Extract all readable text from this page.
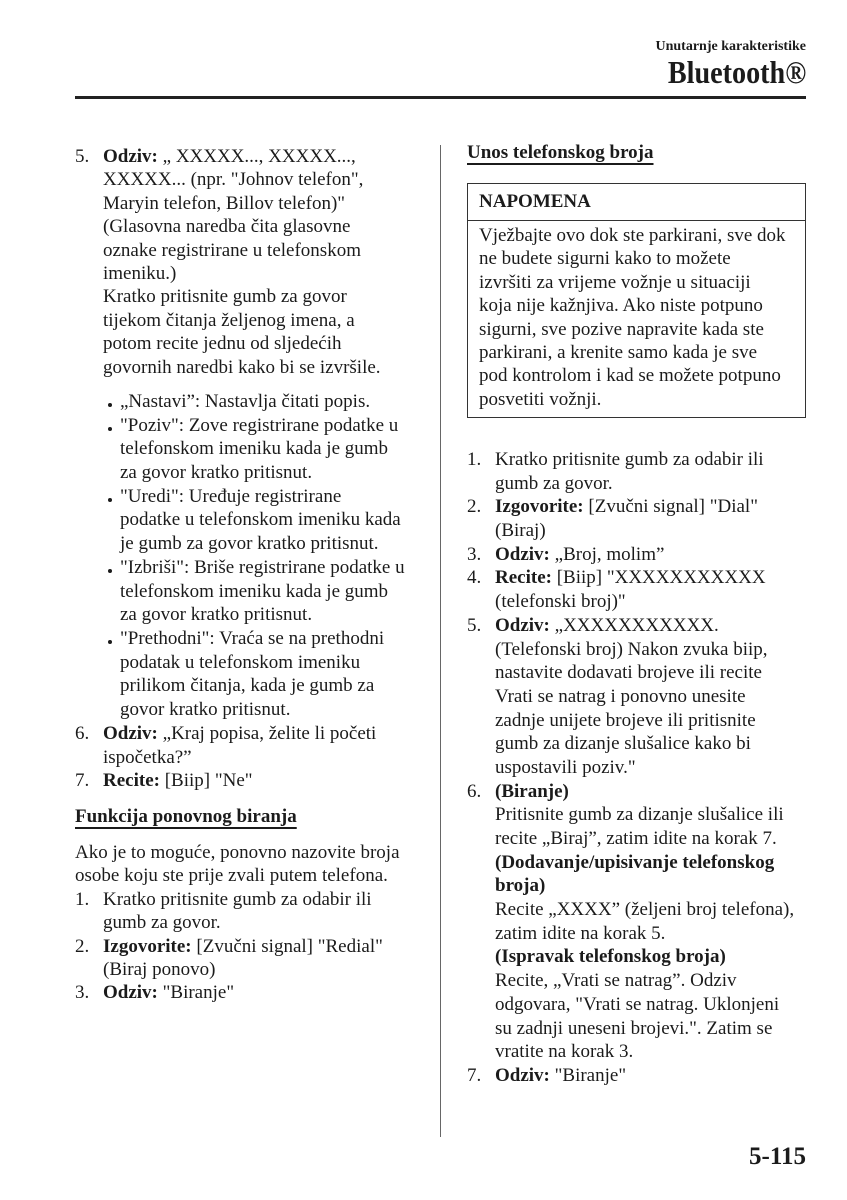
Unutarnje karakteristike
Bluetooth®
5. Odziv: „ XXXXX..., XXXXX...,
XXXXX... (npr. "Johnov telefon",
Maryin telefon, Billov telefon)"
(Glasovna naredba čita glasovne
oznake registrirane u telefonskom
imeniku.)
Kratko pritisnite gumb za govor
tijekom čitanja željenog imena, a
potom recite jednu od sljedećih
govornih naredbi kako bi se izvršile.
„Nastavi”: Nastavlja čitati popis.
"Poziv": Zove registrirane podatke u
telefonskom imeniku kada je gumb
za govor kratko pritisnut.
"Uredi": Uređuje registrirane
podatke u telefonskom imeniku kada
je gumb za govor kratko pritisnut.
"Izbriši": Briše registrirane podatke u
telefonskom imeniku kada je gumb
za govor kratko pritisnut.
"Prethodni": Vraća se na prethodni
podatak u telefonskom imeniku
prilikom čitanja, kada je gumb za
govor kratko pritisnut.
6. Odziv: „Kraj popisa, želite li početi
ispočetka?”
7. Recite: [Biip] "Ne"
Funkcija ponovnog biranja
Ako je to moguće, ponovno nazovite broja
osobe koju ste prije zvali putem telefona.
1. Kratko pritisnite gumb za odabir ili
gumb za govor.
2. Izgovorite: [Zvučni signal] "Redial"
(Biraj ponovo)
3. Odziv: "Biranje"
Unos telefonskog broja
NAPOMENA
Vježbajte ovo dok ste parkirani, sve dok
ne budete sigurni kako to možete
izvršiti za vrijeme vožnje u situaciji
koja nije kažnjiva. Ako niste potpuno
sigurni, sve pozive napravite kada ste
parkirani, a krenite samo kada je sve
pod kontrolom i kad se možete potpuno
posvetiti vožnji.
1. Kratko pritisnite gumb za odabir ili
gumb za govor.
2. Izgovorite: [Zvučni signal] "Dial"
(Biraj)
3. Odziv: „Broj, molim”
4. Recite: [Biip] "XXXXXXXXXXX
(telefonski broj)"
5. Odziv: „XXXXXXXXXXX.
(Telefonski broj) Nakon zvuka biip,
nastavite dodavati brojeve ili recite
Vrati se natrag i ponovno unesite
zadnje unijete brojeve ili pritisnite
gumb za dizanje slušalice kako bi
uspostavili poziv."
6. (Biranje)
Pritisnite gumb za dizanje slušalice ili
recite „Biraj”, zatim idite na korak 7.
(Dodavanje/upisivanje telefonskog
broja)
Recite „XXXX” (željeni broj telefona),
zatim idite na korak 5.
(Ispravak telefonskog broja)
Recite, „Vrati se natrag”. Odziv
odgovara, "Vrati se natrag. Uklonjeni
su zadnji uneseni brojevi.". Zatim se
vratite na korak 3.
7. Odziv: "Biranje"
5-115
